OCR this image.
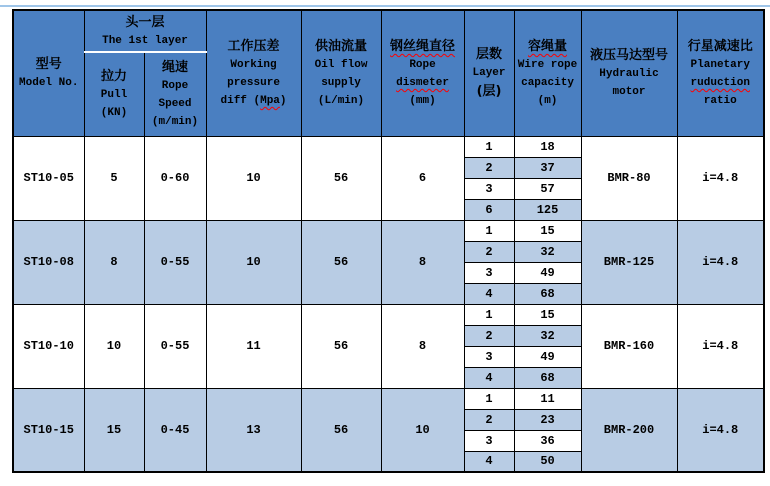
型号
Model No.	头一层
The 1st layer		工作压差
Working
pressure
diff (Mpa)	供油流量
Oil flow
supply
(L/min)	钢丝绳直径
Rope
dismeter
(mm)	层数
Layer
(层)	容绳量
Wire rope
capacity
(m)	液压马达型号
Hydraulic
motor	行星减速比
Planetary
ruduction
ratio

	拉力
Pull
(KN)	绳速
Rope
Speed
(m/min)							

ST10-05	5	0-60	10	56	6	1	18	BMR-80	i=4.8
						2	37		
						3	57		
						6	125		
ST10-08	8	0-55	10	56	8	1	15	BMR-125	i=4.8
						2	32		
						3	49		
						4	68		
ST10-10	10	0-55	11	56	8	1	15	BMR-160	i=4.8
						2	32		
						3	49		
						4	68		
ST10-15	15	0-45	13	56	10	1	11	BMR-200	i=4.8
						2	23		
						3	36		
						4	50		
